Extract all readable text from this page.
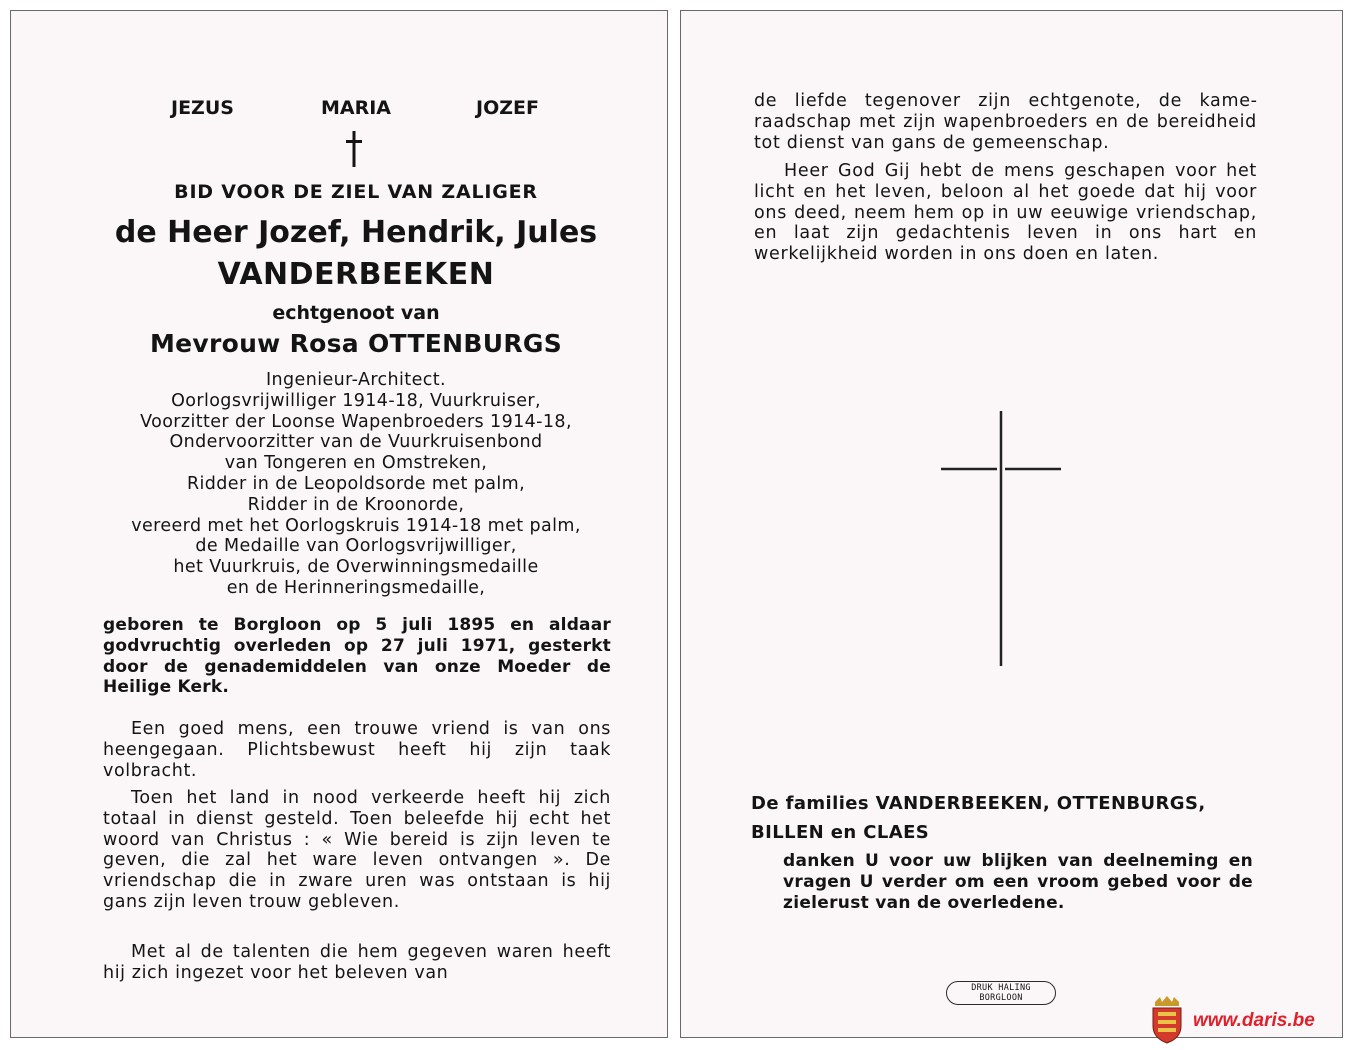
JEZUS	MARIA	JOZEF
BID VOOR DE ZIEL VAN ZALIGER
de Heer Jozef, Hendrik, Jules
VANDERBEEKEN
echtgenoot van
Mevrouw Rosa OTTENBURGS
Ingenieur-Architect.
Oorlogsvrijwilliger 1914-18, Vuurkruiser,
Voorzitter der Loonse Wapenbroeders 1914-18,
Ondervoorzitter van de Vuurkruisenbond
van Tongeren en Omstreken,
Ridder in de Leopoldsorde met palm,
Ridder in de Kroonorde,
vereerd met het Oorlogskruis 1914-18 met palm,
de Medaille van Oorlogsvrijwilliger,
het Vuurkruis, de Overwinningsmedaille
en de Herinneringsmedaille,
geboren te Borgloon op 5 juli 1895 en aldaar godvruchtig overleden op 27 juli 1971, gesterkt door de genademiddelen van onze Moeder de Heilige Kerk.
Een goed mens, een trouwe vriend is van ons heengegaan. Plichtsbewust heeft hij zijn taak volbracht.
Toen het land in nood verkeerde heeft hij zich totaal in dienst gesteld. Toen beleefde hij echt het woord van Christus : « Wie bereid is zijn leven te geven, die zal het ware leven ontvangen ». De vriendschap die in zware uren was ontstaan is hij gans zijn leven trouw gebleven.
Met al de talenten die hem gegeven waren heeft hij zich ingezet voor het beleven van
de liefde tegenover zijn echtgenote, de kameraadschap met zijn wapenbroeders en de bereidheid tot dienst van gans de gemeenschap.
Heer God Gij hebt de mens geschapen voor het licht en het leven, beloon al het goede dat hij voor ons deed, neem hem op in uw eeuwige vriendschap, en laat zijn gedachtenis leven in ons hart en werkelijkheid worden in ons doen en laten.
De families VANDERBEEKEN, OTTENBURGS,
BILLEN en CLAES
danken U voor uw blijken van deelneming en vragen U verder om een vroom gebed voor de zielerust van de overledene.
DRUK HALING
BORGLOON
www.daris.be
